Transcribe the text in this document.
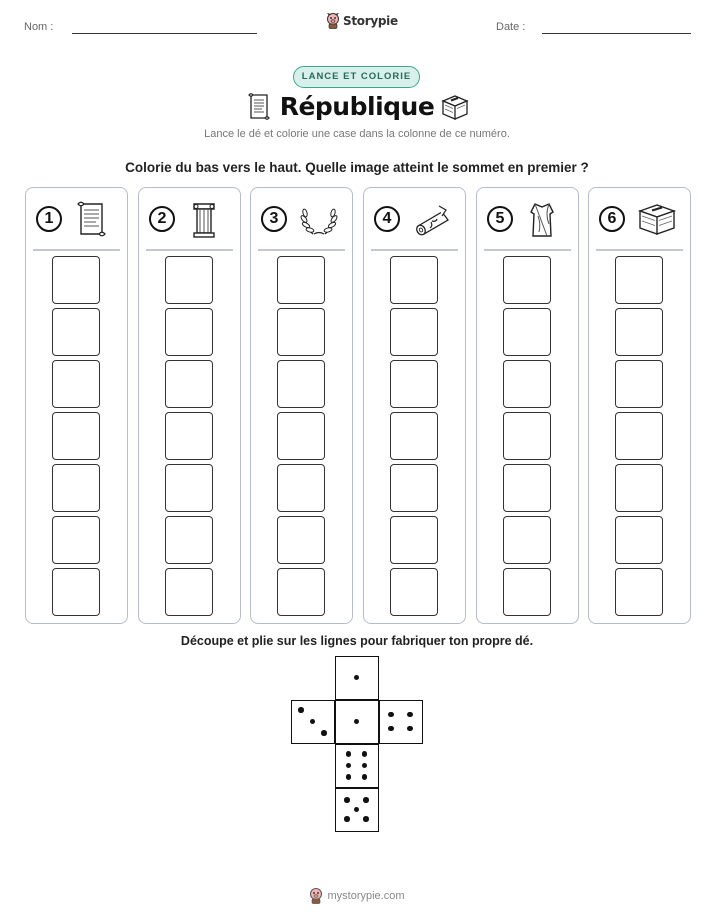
Nom :	Storypie	Date :
LANCE ET COLORIE
République
Lance le dé et colorie une case dans la colonne de ce numéro.
Colorie du bas vers le haut. Quelle image atteint le sommet en premier ?
1	2	3	4	5	6
Découpe et plie sur les lignes pour fabriquer ton propre dé.
mystorypie.com
